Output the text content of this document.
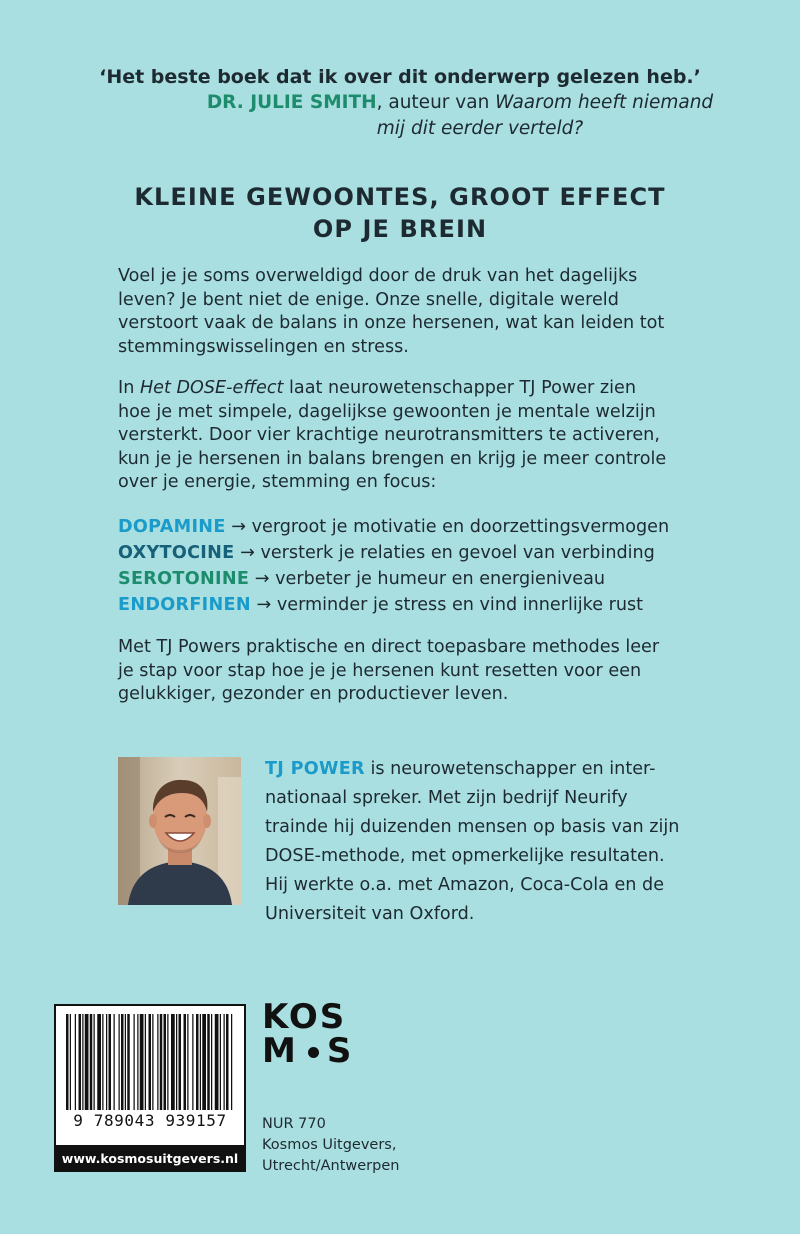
‘Het beste boek dat ik over dit onderwerp gelezen heb.’
DR. JULIE SMITH, auteur van Waarom heeft niemand
mij dit eerder verteld?
KLEINE GEWOONTES, GROOT EFFECT
OP JE BREIN

Voel je je soms overweldigd door de druk van het dagelijks
leven? Je bent niet de enige. Onze snelle, digitale wereld
verstoort vaak de balans in onze hersenen, wat kan leiden tot
stemmingswisselingen en stress.

In Het DOSE-effect laat neurowetenschapper TJ Power zien
hoe je met simpele, dagelijkse gewoonten je mentale welzijn
versterkt. Door vier krachtige neurotransmitters te activeren,
kun je je hersenen in balans brengen en krijg je meer controle
over je energie, stemming en focus:

DOPAMINE → vergroot je motivatie en doorzettingsvermogen
OXYTOCINE → versterk je relaties en gevoel van verbinding
SEROTONINE → verbeter je humeur en energieniveau
ENDORFINEN → verminder je stress en vind innerlijke rust

Met TJ Powers praktische en direct toepasbare methodes leer
je stap voor stap hoe je je hersenen kunt resetten voor een
gelukkiger, gezonder en productiever leven.

TJ POWER is neurowetenschapper en inter-
nationaal spreker. Met zijn bedrijf Neurify
trainde hij duizenden mensen op basis van zijn
DOSE-methode, met opmerkelijke resultaten.
Hij werkte o.a. met Amazon, Coca-Cola en de
Universiteit van Oxford.
9 789043 939157
www.kosmosuitgevers.nl
KOS
M S
NUR 770
Kosmos Uitgevers,
Utrecht/Antwerpen
